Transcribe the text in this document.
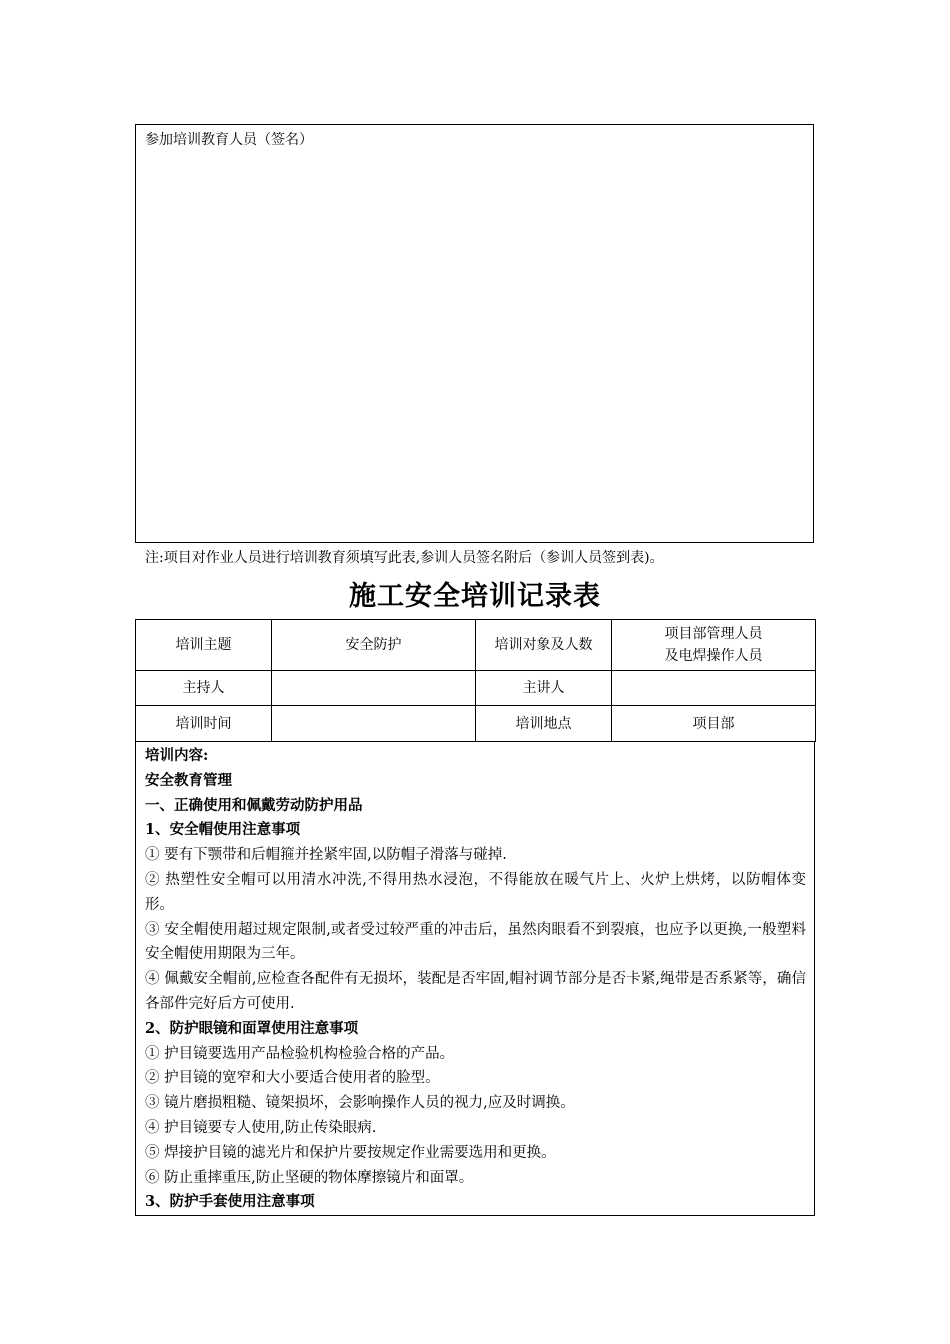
参加培训教育人员（签名）
注:项目对作业人员进行培训教育须填写此表,参训人员签名附后（参训人员签到表)。
施工安全培训记录表
培训主题	安全防护	培训对象及人数	项目部管理人员
及电焊操作人员
主持人		主讲人	
培训时间		培训地点	项目部

培训内容:

安全教育管理

一、正确使用和佩戴劳动防护用品

1、安全帽使用注意事项

① 要有下颚带和后帽箍并拴紧牢固,以防帽子滑落与碰掉.

② 热塑性安全帽可以用清水冲洗,不得用热水浸泡，不得能放在暖气片上、火炉上烘烤，以防帽体变形。

③ 安全帽使用超过规定限制,或者受过较严重的冲击后，虽然肉眼看不到裂痕，也应予以更换,一般塑料安全帽使用期限为三年。

④ 佩戴安全帽前,应检查各配件有无损坏，装配是否牢固,帽衬调节部分是否卡紧,绳带是否系紧等，确信各部件完好后方可使用.

2、防护眼镜和面罩使用注意事项

① 护目镜要选用产品检验机构检验合格的产品。

② 护目镜的宽窄和大小要适合使用者的脸型。

③ 镜片磨损粗糙、镜架损坏，会影响操作人员的视力,应及时调换。

④ 护目镜要专人使用,防止传染眼病.

⑤ 焊接护目镜的滤光片和保护片要按规定作业需要选用和更换。

⑥ 防止重摔重压,防止坚硬的物体摩擦镜片和面罩。

3、防护手套使用注意事项
